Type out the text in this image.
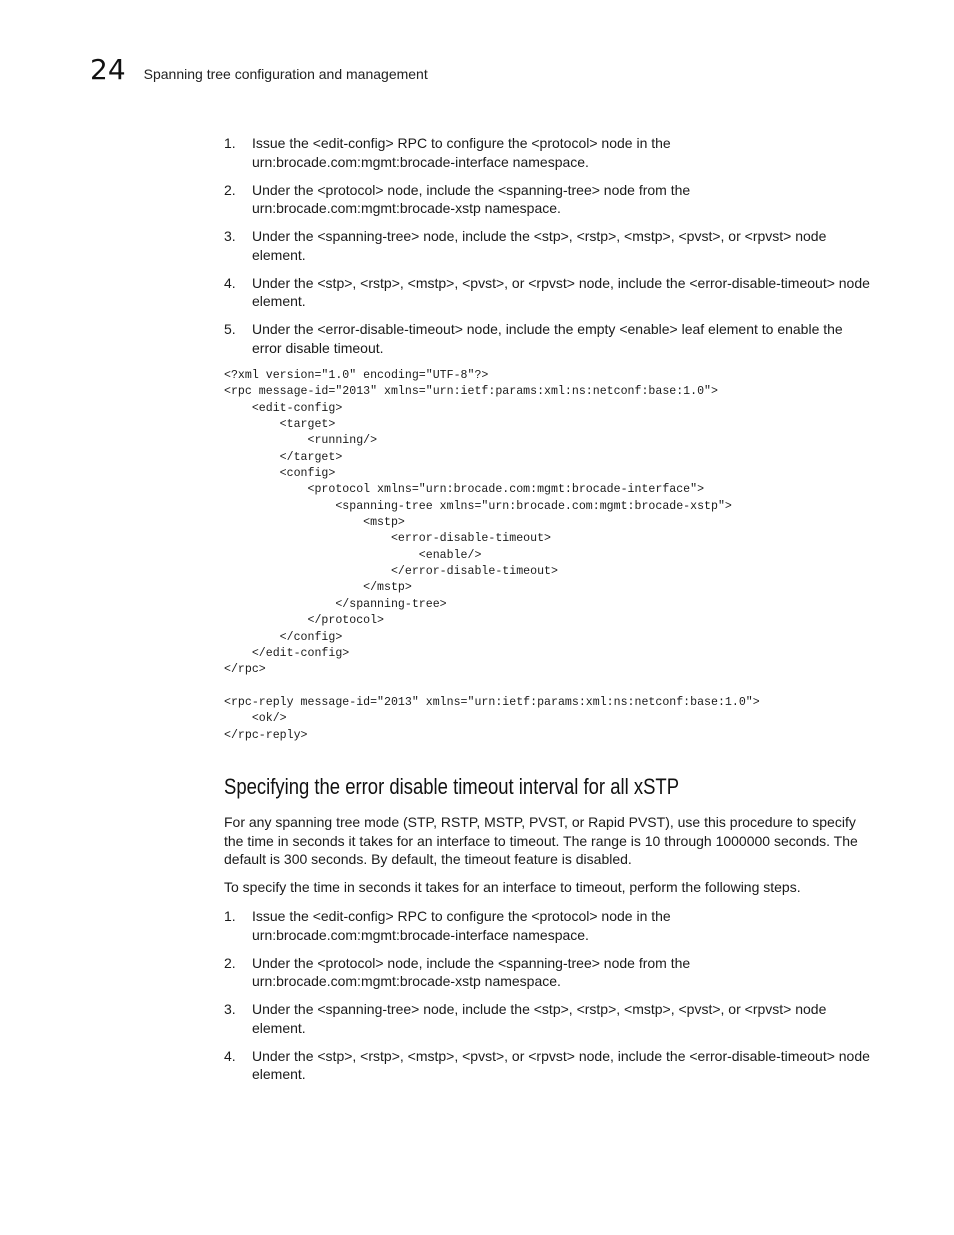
24 Spanning tree configuration and management
1. Issue the <edit-config> RPC to configure the <protocol> node in the urn:brocade.com:mgmt:brocade-interface namespace.
2. Under the <protocol> node, include the <spanning-tree> node from the urn:brocade.com:mgmt:brocade-xstp namespace.
3. Under the <spanning-tree> node, include the <stp>, <rstp>, <mstp>, <pvst>, or <rpvst> node element.
4. Under the <stp>, <rstp>, <mstp>, <pvst>, or <rpvst> node, include the <error-disable-timeout> node element.
5. Under the <error-disable-timeout> node, include the empty <enable> leaf element to enable the error disable timeout.
<?xml version="1.0" encoding="UTF-8"?>
<rpc message-id="2013" xmlns="urn:ietf:params:xml:ns:netconf:base:1.0">
<edit-config>
<target>
<running/>
</target>
<config>
<protocol xmlns="urn:brocade.com:mgmt:brocade-interface">
<spanning-tree xmlns="urn:brocade.com:mgmt:brocade-xstp">
<mstp>
<error-disable-timeout>
<enable/>
</error-disable-timeout>
</mstp>
</spanning-tree>
</protocol>
</config>
</edit-config>
</rpc>

<rpc-reply message-id="2013" xmlns="urn:ietf:params:xml:ns:netconf:base:1.0">
<ok/>
</rpc-reply>
Specifying the error disable timeout interval for all xSTP

For any spanning tree mode (STP, RSTP, MSTP, PVST, or Rapid PVST), use this procedure to specify the time in seconds it takes for an interface to timeout. The range is 10 through 1000000 seconds. The default is 300 seconds. By default, the timeout feature is disabled.

To specify the time in seconds it takes for an interface to timeout, perform the following steps.

1. Issue the <edit-config> RPC to configure the <protocol> node in the urn:brocade.com:mgmt:brocade-interface namespace.
2. Under the <protocol> node, include the <spanning-tree> node from the urn:brocade.com:mgmt:brocade-xstp namespace.
3. Under the <spanning-tree> node, include the <stp>, <rstp>, <mstp>, <pvst>, or <rpvst> node element.
4. Under the <stp>, <rstp>, <mstp>, <pvst>, or <rpvst> node, include the <error-disable-timeout> node element.
